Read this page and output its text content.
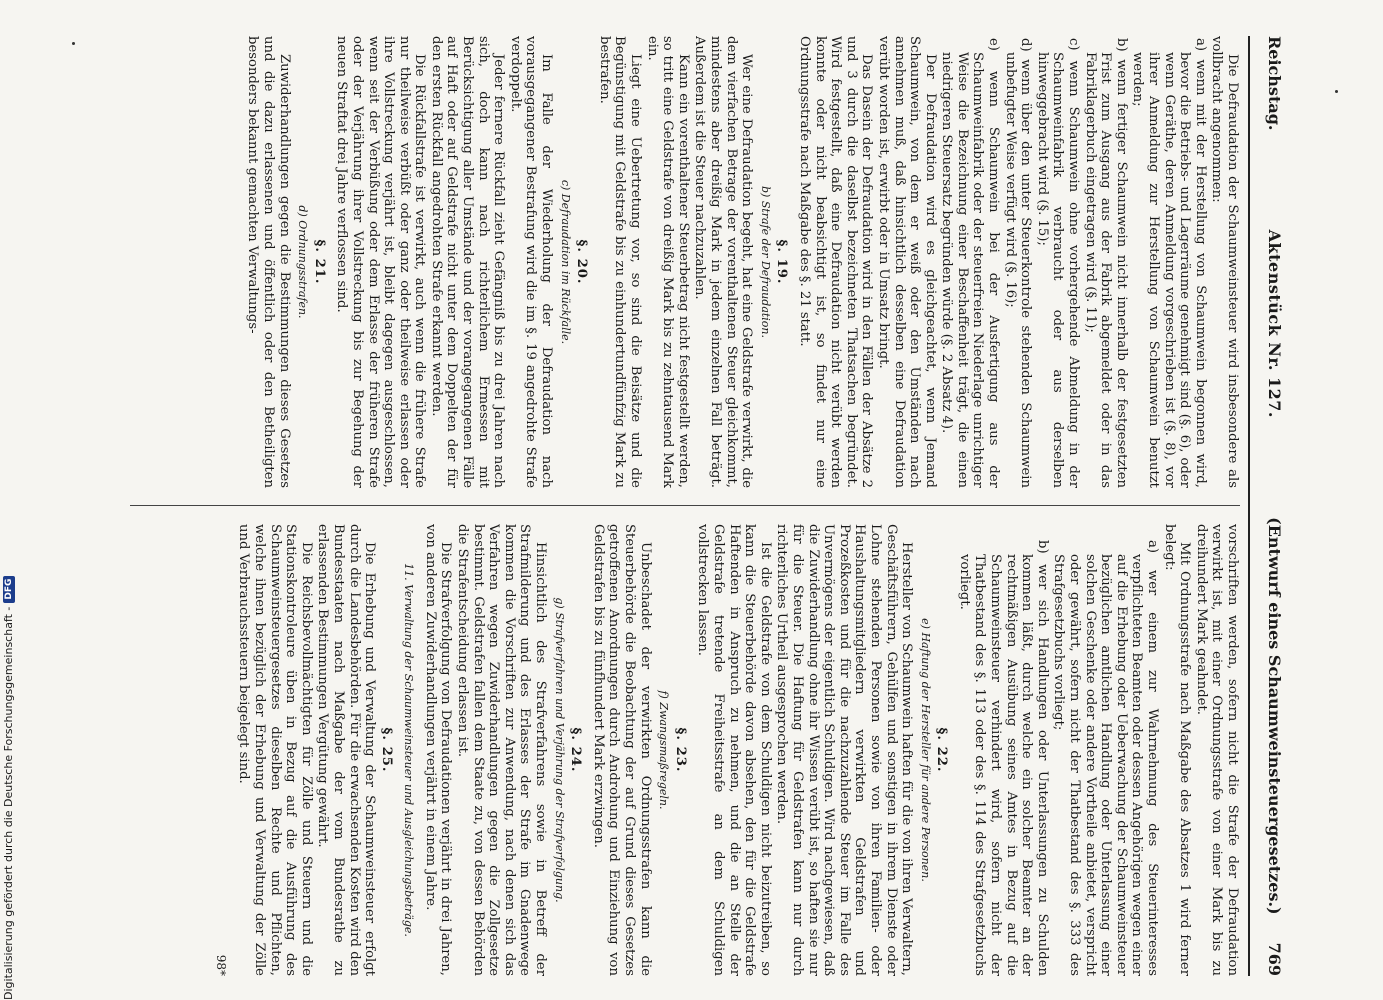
Reichstag.
Aktenstück Nr. 127.
(Entwurf eines Schaumweinsteuergesetzes.)
769

Die Defraudation der Schaumweinsteuer wird insbesondere als vollbracht angenommen:

a) wenn mit der Herstellung von Schaumwein begonnen wird, bevor die Betriebs- und Lagerräume genehmigt sind (§. 6), oder wenn Geräthe, deren Anmeldung vorgeschrieben ist (§. 8), vor ihrer Anmeldung zur Herstellung von Schaumwein benutzt werden;

b) wenn fertiger Schaumwein nicht innerhalb der festgesetzten Frist zum Ausgang aus der Fabrik abgemeldet oder in das Fabriklagerbuch eingetragen wird (§. 11);

c) wenn Schaumwein ohne vorhergehende Abmeldung in der Schaumweinfabrik verbraucht oder aus derselben hinweggebracht wird (§. 15);

d) wenn über den unter Steuerkontrole stehenden Schaumwein unbefugter Weise verfügt wird (§. 16);

e) wenn Schaumwein bei der Ausfertigung aus der Schaumweinfabrik oder der steuerfreien Niederlage unrichtiger Weise die Bezeichnung einer Beschaffenheit trägt, die einen niedrigeren Steuersatz begründen würde (§. 2 Absatz 4).

Der Defraudation wird es gleichgeachtet, wenn Jemand Schaumwein, von dem er weiß oder den Umständen nach annehmen muß, daß hinsichtlich desselben eine Defraudation verübt worden ist, erwirbt oder in Umsatz bringt.

Das Dasein der Defraudation wird in den Fällen der Absätze 2 und 3 durch die daselbst bezeichneten Thatsachen begründet. Wird festgestellt, daß eine Defraudation nicht verübt werden konnte oder nicht beabsichtigt ist, so findet nur eine Ordnungsstrafe nach Maßgabe des §. 21 statt.

§. 19.
b) Strafe der Defraudation.

Wer eine Defraudation begeht, hat eine Geldstrafe verwirkt, die dem vierfachen Betrage der vorenthaltenen Steuer gleichkommt, mindestens aber dreißig Mark in jedem einzelnen Fall beträgt. Außerdem ist die Steuer nachzuzahlen.

Kann ein vorenthaltener Steuerbetrag nicht festgestellt werden, so tritt eine Geldstrafe von dreißig Mark bis zu zehntausend Mark ein.

Liegt eine Uebertretung vor, so sind die Beisätze und die Begünstigung mit Geldstrafe bis zu einhundertundfünfzig Mark zu bestrafen.

§. 20.
c) Defraudation im Rückfalle.

Im Falle der Wiederholung der Defraudation nach vorausgegangener Bestrafung wird die im §. 19 angedrohte Strafe verdoppelt.

Jeder fernere Rückfall zieht Gefängniß bis zu drei Jahren nach sich, doch kann nach richterlichem Ermessen mit Berücksichtigung aller Umstände und der vorangegangenen Fälle auf Haft oder auf Geldstrafe nicht unter dem Doppelten der für den ersten Rückfall angedrohten Strafe erkannt werden.

Die Rückfallstrafe ist verwirkt, auch wenn die frühere Strafe nur theilweise verbüßt oder ganz oder theilweise erlassen oder ihre Vollstreckung verjährt ist, bleibt dagegen ausgeschlossen, wenn seit der Verbüßung oder dem Erlasse der früheren Strafe oder der Verjährung ihrer Vollstreckung bis zur Begehung der neuen Straftat drei Jahre verflossen sind.

§. 21.
d) Ordnungsstrafen.

Zuwiderhandlungen gegen die Bestimmungen dieses Gesetzes und die dazu erlassenen und öffentlich oder den Betheiligten besonders bekannt gemachten Verwaltungs-

vorschriften werden, sofern nicht die Strafe der Defraudation verwirkt ist, mit einer Ordnungsstrafe von einer Mark bis zu dreihundert Mark geahndet.

Mit Ordnungsstrafe nach Maßgabe des Absatzes 1 wird ferner belegt:

a) wer einem zur Wahrnehmung des Steuerinteresses verpflichteten Beamten oder dessen Angehörigen wegen einer auf die Erhebung oder Ueberwachung der Schaumweinsteuer bezüglichen amtlichen Handlung oder Unterlassung einer solchen Geschenke oder andere Vortheile anbietet, verspricht oder gewährt, sofern nicht der Thatbestand des §. 333 des Strafgesetzbuchs vorliegt;

b) wer sich Handlungen oder Unterlassungen zu Schulden kommen läßt, durch welche ein solcher Beamter an der rechtmäßigen Ausübung seines Amtes in Bezug auf die Schaumweinsteuer verhindert wird, sofern nicht der Thatbestand des §. 113 oder des §. 114 des Strafgesetzbuchs vorliegt.

§. 22.
e) Haftung der Hersteller für andere Personen.

Hersteller von Schaumwein haften für die von ihren Verwaltern, Geschäftsführern, Gehülfen und sonstigen in ihrem Dienste oder Lohne stehenden Personen sowie von ihren Familien- oder Haushaltungsmitgliedern verwirkten Geldstrafen und Prozeßkosten und für die nachzuzahlende Steuer im Falle des Unvermögens der eigentlich Schuldigen. Wird nachgewiesen, daß die Zuwiderhandlung ohne ihr Wissen verübt ist, so haften sie nur für die Steuer. Die Haftung für Geldstrafen kann nur durch richterliches Urtheil ausgesprochen werden.

Ist die Geldstrafe von dem Schuldigen nicht beizutreiben, so kann die Steuerbehörde davon absehen, den für die Geldstrafe Haftenden in Anspruch zu nehmen, und die an Stelle der Geldstrafe tretende Freiheitsstrafe an dem Schuldigen vollstrecken lassen.

§. 23.
f) Zwangsmaßregeln.

Unbeschadet der verwirkten Ordnungsstrafen kann die Steuerbehörde die Beobachtung der auf Grund dieses Gesetzes getroffenen Anordnungen durch Androhung und Einziehung von Geldstrafen bis zu fünfhundert Mark erzwingen.

§. 24.
g) Strafverfahren und Verjährung der Strafverfolgung.

Hinsichtlich des Strafverfahrens sowie in Betreff der Strafmilderung und des Erlasses der Strafe im Gnadenwege kommen die Vorschriften zur Anwendung, nach denen sich das Verfahren wegen Zuwiderhandlungen gegen die Zollgesetze bestimmt. Geldstrafen fallen dem Staate zu, von dessen Behörden die Strafentscheidung erlassen ist.

Die Strafverfolgung von Defraudationen verjährt in drei Jahren, von anderen Zuwiderhandlungen verjährt in einem Jahre.

11. Verwaltung der Schaumweinsteuer und Ausgleichungsbeträge.
§. 25.

Die Erhebung und Verwaltung der Schaumweinsteuer erfolgt durch die Landesbehörden. Für die erwachsenden Kosten wird den Bundesstaaten nach Maßgabe der vom Bundesrathe zu erlassenden Bestimmungen Vergütung gewährt.

Die Reichsbevollmächtigten für Zölle und Steuern und die Stationskontroleure üben in Bezug auf die Ausführung des Schaumweinsteuergesetzes dieselben Rechte und Pflichten, welche ihnen bezüglich der Erhebung und Verwaltung der Zölle und Verbrauchssteuern beigelegt sind.

98*
Digitalisierung gefördert durch die Deutsche Forschungsgemeinschaft -
DFG
